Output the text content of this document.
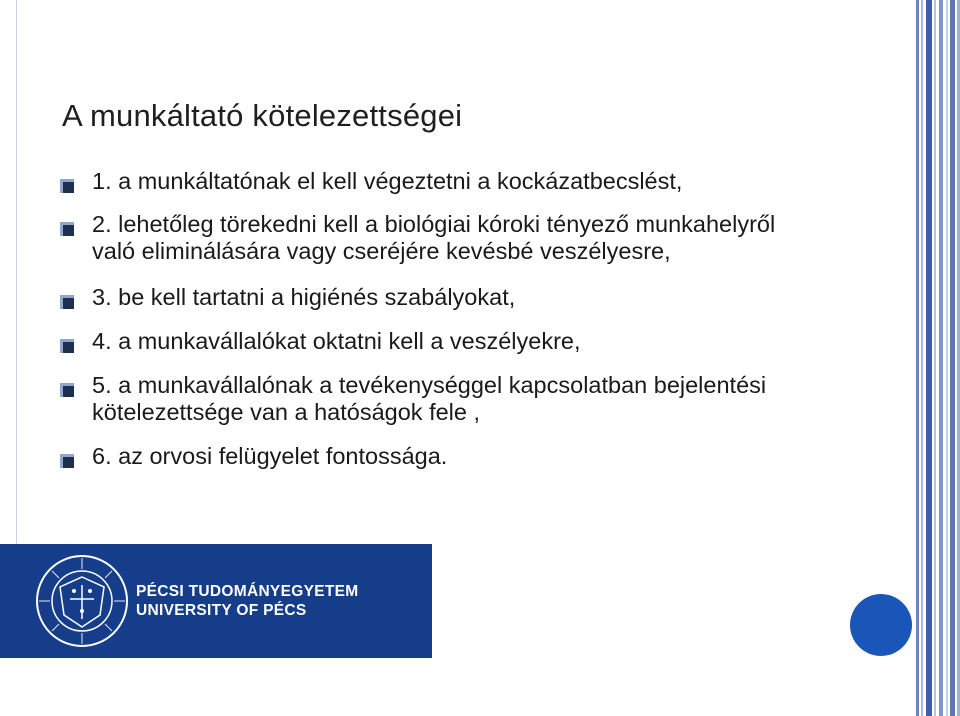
A munkáltató kötelezettségei
1. a munkáltatónak el kell végeztetni a kockázatbecslést,
2. lehetőleg törekedni kell a biológiai kóroki tényező munkahelyről való eliminálására vagy cseréjére kevésbé veszélyesre,
3. be kell tartatni a higiénés szabályokat,
4. a munkavállalókat oktatni kell a veszélyekre,
5. a munkavállalónak a tevékenységgel kapcsolatban bejelentési kötelezettsége van a hatóságok fele ,
6. az orvosi felügyelet fontossága.
PÉCSI TUDOMÁNYEGYETEM
UNIVERSITY OF PÉCS
